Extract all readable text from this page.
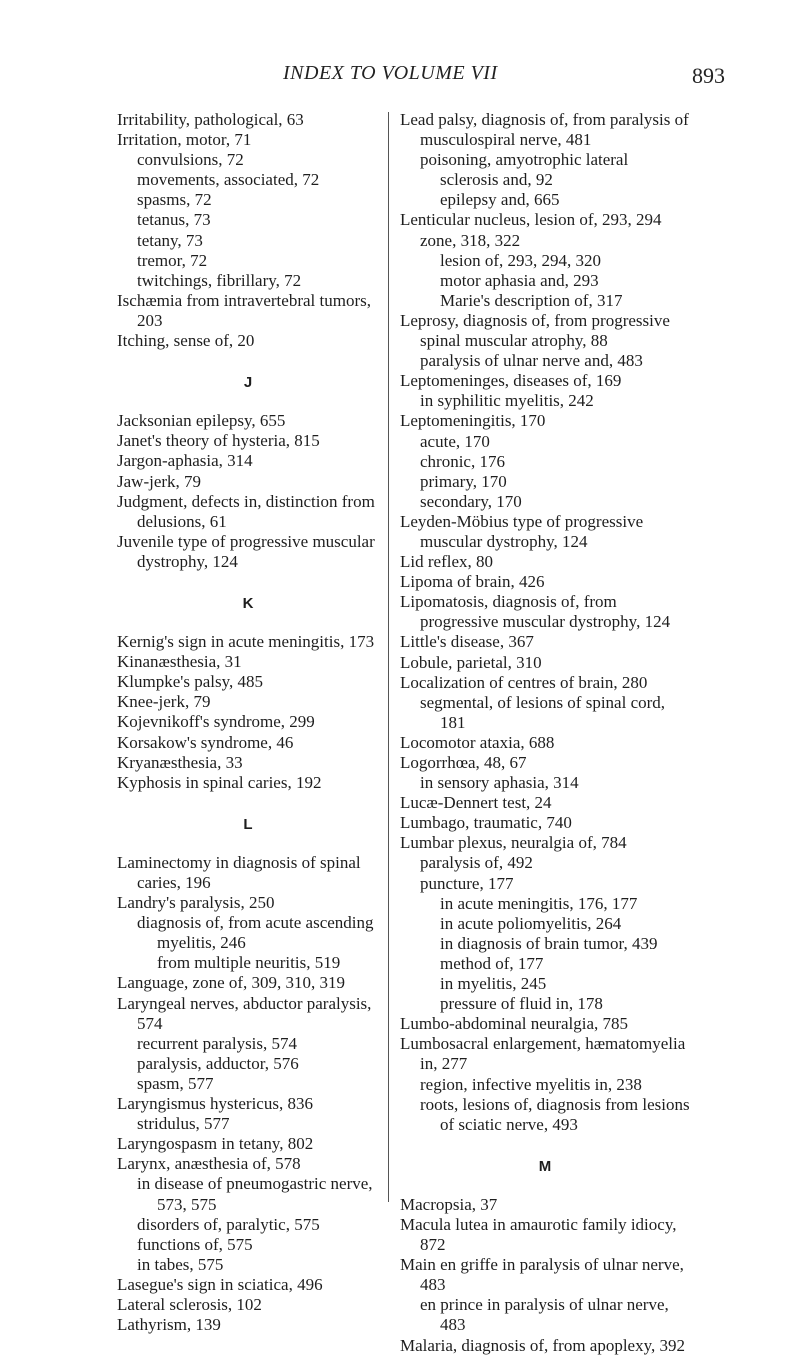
INDEX TO VOLUME VII	893
Irritability, pathological, 63
Irritation, motor, 71
convulsions, 72
movements, associated, 72
spasms, 72
tetanus, 73
tetany, 73
tremor, 72
twitchings, fibrillary, 72
Ischæmia from intravertebral tumors, 203
Itching, sense of, 20
J
Jacksonian epilepsy, 655
Janet's theory of hysteria, 815
Jargon-aphasia, 314
Jaw-jerk, 79
Judgment, defects in, distinction from delusions, 61
Juvenile type of progressive muscular dystrophy, 124
K
Kernig's sign in acute meningitis, 173
Kinanæsthesia, 31
Klumpke's palsy, 485
Knee-jerk, 79
Kojevnikoff's syndrome, 299
Korsakow's syndrome, 46
Kryanæsthesia, 33
Kyphosis in spinal caries, 192
L
Laminectomy in diagnosis of spinal caries, 196
Landry's paralysis, 250
diagnosis of, from acute ascending myelitis, 246
from multiple neuritis, 519
Language, zone of, 309, 310, 319
Laryngeal nerves, abductor paralysis, 574
recurrent paralysis, 574
paralysis, adductor, 576
spasm, 577
Laryngismus hystericus, 836
stridulus, 577
Laryngospasm in tetany, 802
Larynx, anæsthesia of, 578
in disease of pneumogastric nerve, 573, 575
disorders of, paralytic, 575
functions of, 575
in tabes, 575
Lasegue's sign in sciatica, 496
Lateral sclerosis, 102
Lathyrism, 139
Lead palsy, diagnosis of, from paralysis of musculospiral nerve, 481
poisoning, amyotrophic lateral sclerosis and, 92
epilepsy and, 665
Lenticular nucleus, lesion of, 293, 294
zone, 318, 322
lesion of, 293, 294, 320
motor aphasia and, 293
Marie's description of, 317
Leprosy, diagnosis of, from progressive spinal muscular atrophy, 88
paralysis of ulnar nerve and, 483
Leptomeninges, diseases of, 169
in syphilitic myelitis, 242
Leptomeningitis, 170
acute, 170
chronic, 176
primary, 170
secondary, 170
Leyden-Möbius type of progressive muscular dystrophy, 124
Lid reflex, 80
Lipoma of brain, 426
Lipomatosis, diagnosis of, from progressive muscular dystrophy, 124
Little's disease, 367
Lobule, parietal, 310
Localization of centres of brain, 280
segmental, of lesions of spinal cord, 181
Locomotor ataxia, 688
Logorrhœa, 48, 67
in sensory aphasia, 314
Lucæ-Dennert test, 24
Lumbago, traumatic, 740
Lumbar plexus, neuralgia of, 784
paralysis of, 492
puncture, 177
in acute meningitis, 176, 177
in acute poliomyelitis, 264
in diagnosis of brain tumor, 439
method of, 177
in myelitis, 245
pressure of fluid in, 178
Lumbo-abdominal neuralgia, 785
Lumbosacral enlargement, hæmatomyelia in, 277
region, infective myelitis in, 238
roots, lesions of, diagnosis from lesions of sciatic nerve, 493
M
Macropsia, 37
Macula lutea in amaurotic family idiocy, 872
Main en griffe in paralysis of ulnar nerve, 483
en prince in paralysis of ulnar nerve, 483
Malaria, diagnosis of, from apoplexy, 392
